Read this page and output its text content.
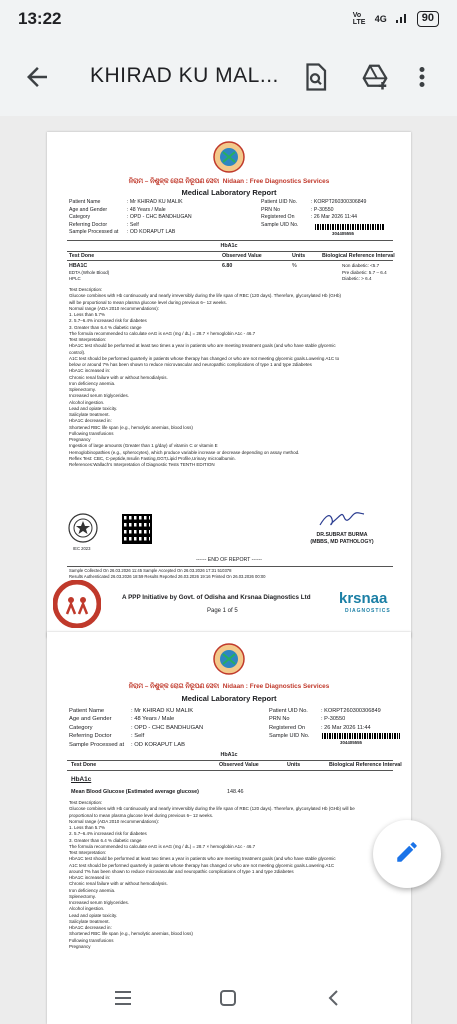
13:22	Vo LTE 4G	90
KHIRAD KU MAL...
ନିରାମ – ନିଶୁଳ୍କ ରୋଗ ନିରୂପଣ ସେବା Nidaan : Free Diagnostics Services
Medical Laboratory Report
Patient Name	: Mr KHIRAD KU MALIK
Age and Gender	: 48 Years / Male
Category	: OPD - CHC BANDHUGAN
Referring Doctor	: Self
Sample Processed at	: OD KORAPUT LAB
Patient UID No.	: KORPT260300306849
PRN No	: P-30550
Registered On	: 26 Mar 2026 11:44
Sample UID No.
304405555
HbA1c
Test Done	Observed Value	Units	Biological Reference Interval
HBA1C
EDTA (Whole Blood)
HPLC
6.80	%	Non diabetic: <5.7
Pre diabetic: 5.7 – 6.4
Diabetic: > 6.4

Test Description:

Glucose combines with Hb continuously and nearly irreversibly during the life span of RBC (120 days). Therefore, glycosylated Hb (GHb)

will be proportional to mean plasma glucose level during previous 6– 12 weeks.

Normal range (ADA 2010 recommendations):

1. Less than 5.7%

2. 5.7–6.4% increased risk for diabetes

3. Greater than 6.4 % diabetic range

The formula recommended to calculate eAG is eAG (mg / dL) = 28.7 × hemoglobin A1c - 46.7

Test Interpretation:

HbA1C test should be performed at least two times a year in patients who are meeting treatment goals (and who have stable glycemic

control).

A1C test should be performed quarterly in patients whose therapy has changed or who are not meeting glycemic goals.Lowering A1C to

below or around 7% has been shown to reduce microvascular and neuropathic complications of type 1 and type 2diabetes

HbA1C increased in:

Chronic renal failure with or without hemodialysis.

Iron deficiency anemia.

Splenectomy.

Increased serum triglycerides.

Alcohol ingestion.

Lead and opiate toxicity.

Salicylate treatment.

HbA1C decreased in:

Shortened RBC life span (e.g., hemolytic anemias, blood loss)

Following transfusions

Pregnancy

Ingestion of large amounts (Greater than 1 g/day) of vitamin C or vitamin E

Hemoglobinopathies (e.g., spherocytes), which produce variable increase or decrease depending on assay method.

Reflex Test: CBC, C-peptide,Insulin Fasting,GGT,Lipid Profile,Urinary microalbumin.

References:Wallach's Interpretation of Diagnostic Tests TENTH EDITION

IEC 2023
DR.SUBRAT BURMA
(MBBS, MD PATHOLOGY)
------ END OF REPORT ------
Sample Collected On 26.03.2026 11:45 Sample Accepted On 26.03.2026 17:31 510378
Results Authenticated 26.03.2026 18:59 Results Reported 26.03.2026 19:16 Printed On 26.03.2026 00:00
A PPP Initiative by Govt. of Odisha and Krsnaa Diagnostics Ltd
Page 1 of 5
krsnaa
DIAGNOSTICS
ନିରାମ – ନିଶୁଳ୍କ ରୋଗ ନିରୂପଣ ସେବା Nidaan : Free Diagnostics Services
Medical Laboratory Report
Patient Name	: Mr KHIRAD KU MALIK
Age and Gender	: 48 Years / Male
Category	: OPD - CHC BANDHUGAN
Referring Doctor	: Self
Sample Processed at	: OD KORAPUT LAB
Patient UID No.	: KORPT260300306849
PRN No	: P-30550
Registered On	: 26 Mar 2026 11:44
Sample UID No.
304405555
HbA1c
Test Done	Observed Value	Units	Biological Reference Interval
HbA1c
Mean Blood Glucose (Estimated average glucose)	148.46

Test Description:

Glucose combines with Hb continuously and nearly irreversibly during the life span of RBC (120 days). Therefore, glycosylated Hb (GHb) will be

proportional to mean plasma glucose level during previous 6– 12 weeks.

Normal range (ADA 2010 recommendations):

1. Less than 5.7%

2. 5.7–6.4% increased risk for diabetes

3. Greater than 6.4 % diabetic range

The formula recommended to calculate eAG is eAG (mg / dL) = 28.7 × hemoglobin A1c - 46.7

Test Interpretation:

HbA1C test should be performed at least two times a year in patients who are meeting treatment goals (and who have stable glycemic

A1C test should be performed quarterly in patients whose therapy has changed or who are not meeting glycemic goals.Lowering A1C

around 7% has been shown to reduce microvascular and neuropathic complications of type 1 and type 2diabetes

HbA1C increased in:

Chronic renal failure with or without hemodialysis.

Iron deficiency anemia.

Splenectomy.

Increased serum triglycerides.

Alcohol ingestion.

Lead and opiate toxicity.

Salicylate treatment.

HbA1C decreased in:

Shortened RBC life span (e.g., hemolytic anemias, blood loss)

Following transfusions

Pregnancy
